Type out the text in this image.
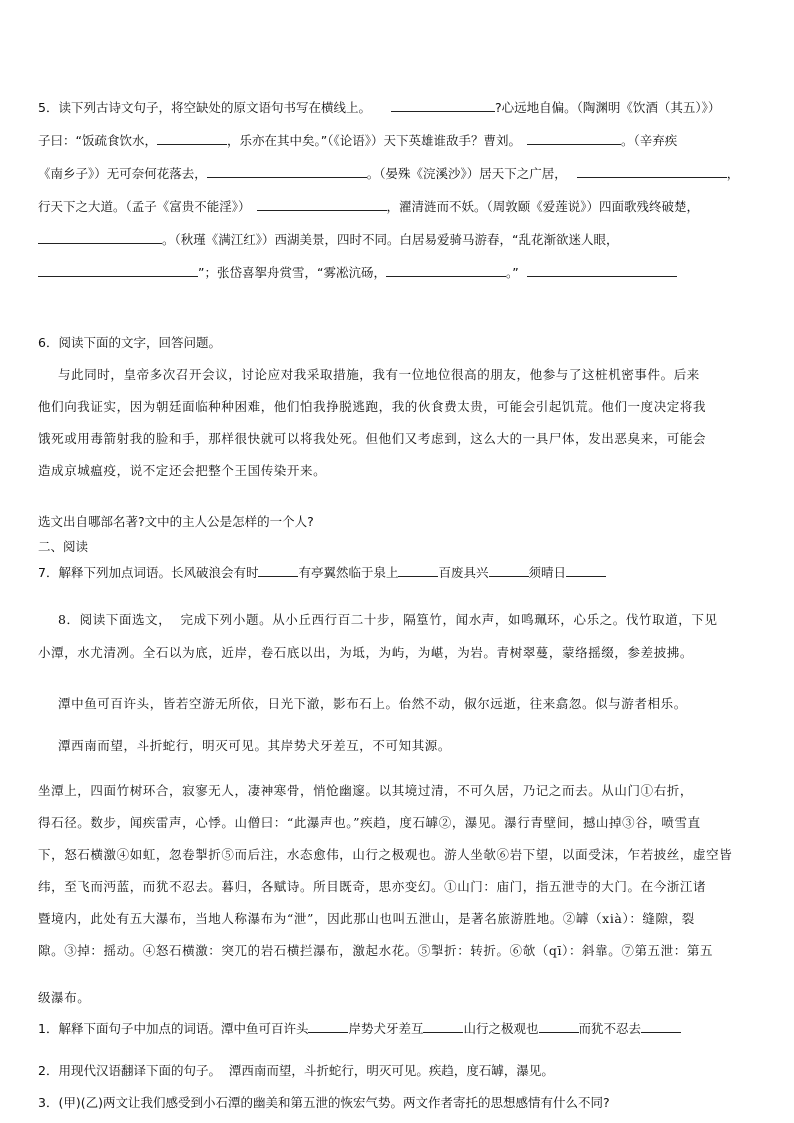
5．读下列古诗文句子，将空缺处的原文语句书写在横线上。	?心远地自偏。（陶渊明《饮酒（其五）》）
子曰：“饭疏食饮水，	，乐亦在其中矣。”（《论语》）天下英雄谁敌手？曹刘。	。（辛弃疾
《南乡子》）无可奈何花落去，	。（晏殊《浣溪沙》）居天下之广居，	，
行天下之大道。（孟子《富贵不能淫》）	，濯清涟而不妖。（周敦颐《爱莲说》）四面歌残终破楚，
。（秋瑾《满江红》）西湖美景，四时不同。白居易爱骑马游春，“乱花渐欲迷人眼，
”；张岱喜挐舟赏雪，“雾凇沆砀，	。”
6．阅读下面的文字，回答问题。
与此同时，皇帝多次召开会议，讨论应对我采取措施，我有一位地位很高的朋友，他参与了这桩机密事件。后来
他们向我证实，因为朝廷面临种种困难，他们怕我挣脱逃跑，我的伙食费太贵，可能会引起饥荒。他们一度决定将我
饿死或用毒箭射我的脸和手，那样很快就可以将我处死。但他们又考虑到，这么大的一具尸体，发出恶臭来，可能会
造成京城瘟疫，说不定还会把整个王国传染开来。
选文出自哪部名著?文中的主人公是怎样的一个人?
二、阅读
7．解释下列加点词语。长风破浪会有时	有亭翼然临于泉上	百废具兴	须晴日
8．阅读下面选文，  完成下列小题。从小丘西行百二十步，隔篁竹，闻水声，如鸣珮环，心乐之。伐竹取道，下见
小潭，水尤清冽。全石以为底，近岸，卷石底以出，为坻，为屿，为嵁，为岩。青树翠蔓，蒙络摇缀，参差披拂。
潭中鱼可百许头，皆若空游无所依，日光下澈，影布石上。佁然不动，俶尔远逝，往来翕忽。似与游者相乐。
潭西南而望，斗折蛇行，明灭可见。其岸势犬牙差互，不可知其源。
坐潭上，四面竹树环合，寂寥无人，凄神寒骨，悄怆幽邃。以其境过清，不可久居，乃记之而去。从山门①右折，
得石径。数步，闻疾雷声，心悸。山僧曰：“此瀑声也。”疾趋，度石罅②，瀑见。瀑行青壁间，撼山掉③谷，喷雪直
下，怒石横激④如虹，忽卷掣折⑤而后注，水态愈伟，山行之极观也。游人坐欹⑥岩下望，以面受沫，乍若披丝，虚空皆
纬，至飞而沔蓝，而犹不忍去。暮归，各赋诗。所目既奇，思亦变幻。①山门：庙门，指五泄寺的大门。在今浙江诸
暨境内，此处有五大瀑布，当地人称瀑布为“泄”，因此那山也叫五泄山，是著名旅游胜地。②罅（xià）：缝隙，裂
隙。③掉：摇动。④怒石横激：突兀的岩石横拦瀑布，激起水花。⑤掣折：转折。⑥欹（qī）：斜靠。⑦第五泄：第五
级瀑布。
1．解释下面句子中加点的词语。潭中鱼可百许头	岸势犬牙差互	山行之极观也	而犹不忍去
2．用现代汉语翻译下面的句子。  潭西南而望，斗折蛇行，明灭可见。疾趋，度石罅，瀑见。
3．(甲)(乙)两文让我们感受到小石潭的幽美和第五泄的恢宏气势。两文作者寄托的思想感情有什么不同?
